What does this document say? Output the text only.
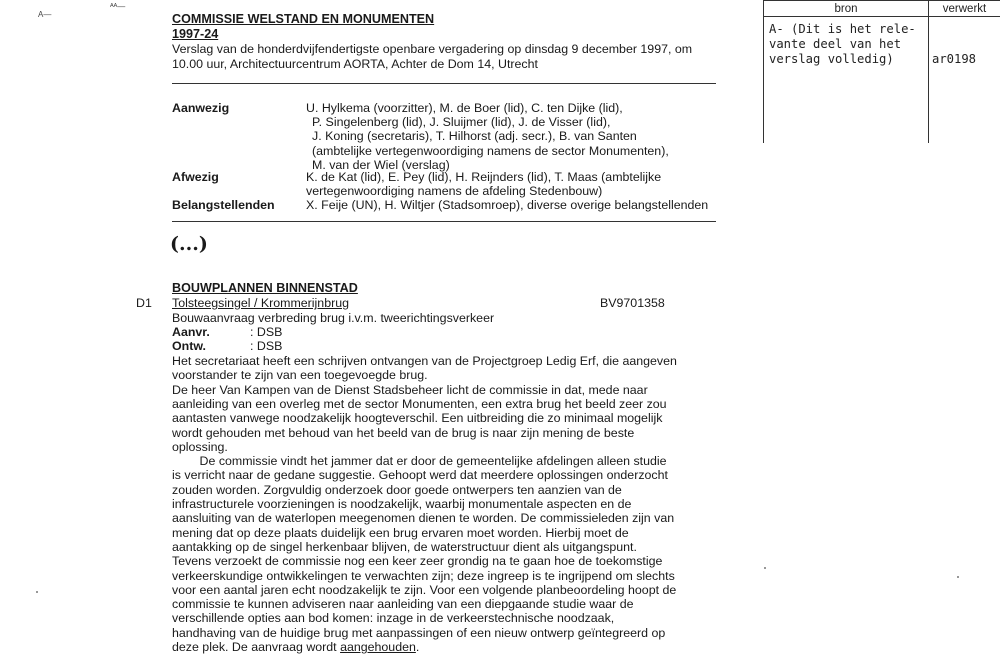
A—
ᴬᴬ—
COMMISSIE WELSTAND EN MONUMENTEN
1997-24
Verslag van de honderdvijfendertigste openbare vergadering op dinsdag 9 december 1997, om
10.00 uur, Architectuurcentrum AORTA, Achter de Dom 14, Utrecht
bron	verwerkt
A- (Dit is het rele-
vante deel van het
verslag volledig)	ar0198
Aanwezig	U. Hylkema (voorzitter), M. de Boer (lid), C. ten Dijke (lid),
P. Singelenberg (lid), J. Sluijmer (lid), J. de Visser (lid),
J. Koning (secretaris), T. Hilhorst (adj. secr.), B. van Santen
(ambtelijke vertegenwoordiging namens de sector Monumenten),
M. van der Wiel (verslag)
Afwezig	K. de Kat (lid), E. Pey (lid), H. Reijnders (lid), T. Maas (ambtelijke
vertegenwoordiging namens de afdeling Stedenbouw)
Belangstellenden	X. Feije (UN), H. Wiltjer (Stadsomroep), diverse overige belangstellenden
(...)
BOUWPLANNEN BINNENSTAD
D1 Tolsteegsingel / Krommerijnbrug	BV9701358
Bouwaanvraag verbreding brug i.v.m. tweerichtingsverkeer
Aanvr.	: DSB
Ontw.	: DSB
Het secretariaat heeft een schrijven ontvangen van de Projectgroep Ledig Erf, die aangeven
voorstander te zijn van een toegevoegde brug.
De heer Van Kampen van de Dienst Stadsbeheer licht de commissie in dat, mede naar
aanleiding van een overleg met de sector Monumenten, een extra brug het beeld zeer zou
aantasten vanwege noodzakelijk hoogteverschil. Een uitbreiding die zo minimaal mogelijk
wordt gehouden met behoud van het beeld van de brug is naar zijn mening de beste
oplossing.
De commissie vindt het jammer dat er door de gemeentelijke afdelingen alleen studie
is verricht naar de gedane suggestie. Gehoopt werd dat meerdere oplossingen onderzocht
zouden worden. Zorgvuldig onderzoek door goede ontwerpers ten aanzien van de
infrastructurele voorzieningen is noodzakelijk, waarbij monumentale aspecten en de
aansluiting van de waterlopen meegenomen dienen te worden. De commissieleden zijn van
mening dat op deze plaats duidelijk een brug ervaren moet worden. Hierbij moet de
aantakking op de singel herkenbaar blijven, de waterstructuur dient als uitgangspunt.
Tevens verzoekt de commissie nog een keer zeer grondig na te gaan hoe de toekomstige
verkeerskundige ontwikkelingen te verwachten zijn; deze ingreep is te ingrijpend om slechts
voor een aantal jaren echt noodzakelijk te zijn. Voor een volgende planbeoordeling hoopt de
commissie te kunnen adviseren naar aanleiding van een diepgaande studie waar de
verschillende opties aan bod komen: inzage in de verkeerstechnische noodzaak,
handhaving van de huidige brug met aanpassingen of een nieuw ontwerp geïntegreerd op
deze plek. De aanvraag wordt aangehouden.
